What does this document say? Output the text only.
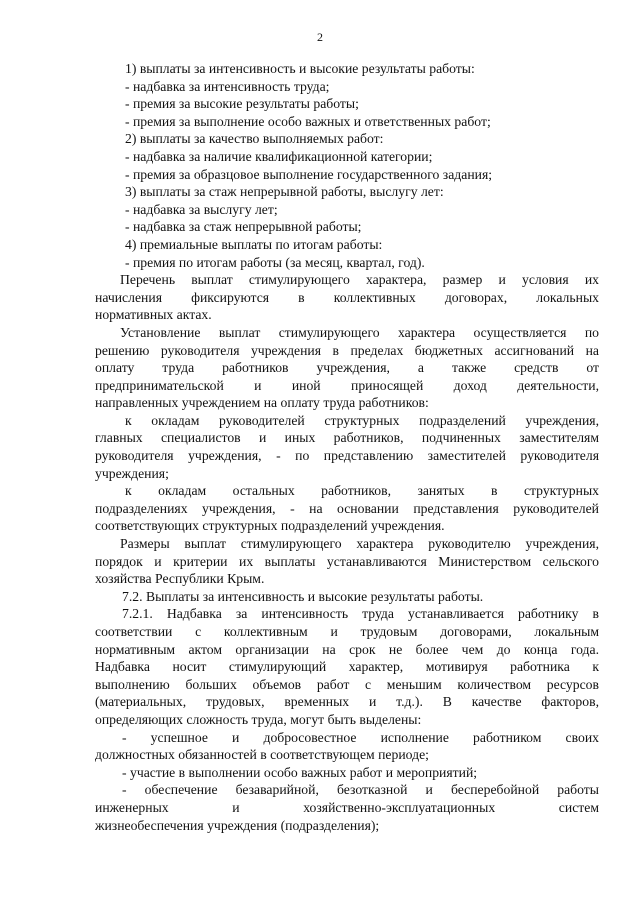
2
1) выплаты за интенсивность и высокие результаты работы:
- надбавка за интенсивность труда;
- премия за высокие результаты работы;
- премия за выполнение особо важных и ответственных работ;
2) выплаты за качество выполняемых работ:
- надбавка за наличие квалификационной категории;
- премия за образцовое выполнение государственного задания;
3) выплаты за стаж непрерывной работы, выслугу лет:
- надбавка за выслугу лет;
- надбавка за стаж непрерывной работы;
4) премиальные выплаты по итогам работы:
- премия по итогам работы (за месяц, квартал, год).
Перечень выплат стимулирующего характера, размер и условия их
начисления фиксируются в коллективных договорах, локальных
нормативных актах.
Установление выплат стимулирующего характера осуществляется по
решению руководителя учреждения в пределах бюджетных ассигнований на
оплату труда работников учреждения, а также средств от
предпринимательской и иной приносящей доход деятельности,
направленных учреждением на оплату труда работников:
к окладам руководителей структурных подразделений учреждения,
главных специалистов и иных работников, подчиненных заместителям
руководителя учреждения, - по представлению заместителей руководителя
учреждения;
к окладам остальных работников, занятых в структурных
подразделениях учреждения, - на основании представления руководителей
соответствующих структурных подразделений учреждения.
Размеры выплат стимулирующего характера руководителю учреждения,
порядок и критерии их выплаты устанавливаются Министерством сельского
хозяйства Республики Крым.
7.2. Выплаты за интенсивность и высокие результаты работы.
7.2.1. Надбавка за интенсивность труда устанавливается работнику в
соответствии с коллективным и трудовым договорами, локальным
нормативным актом организации на срок не более чем до конца года.
Надбавка носит стимулирующий характер, мотивируя работника к
выполнению больших объемов работ с меньшим количеством ресурсов
(материальных, трудовых, временных и т.д.). В качестве факторов,
определяющих сложность труда, могут быть выделены:
- успешное и добросовестное исполнение работником своих
должностных обязанностей в соответствующем периоде;
- участие в выполнении особо важных работ и мероприятий;
- обеспечение безаварийной, безотказной и бесперебойной работы
инженерных и хозяйственно-эксплуатационных систем
жизнеобеспечения учреждения (подразделения);
